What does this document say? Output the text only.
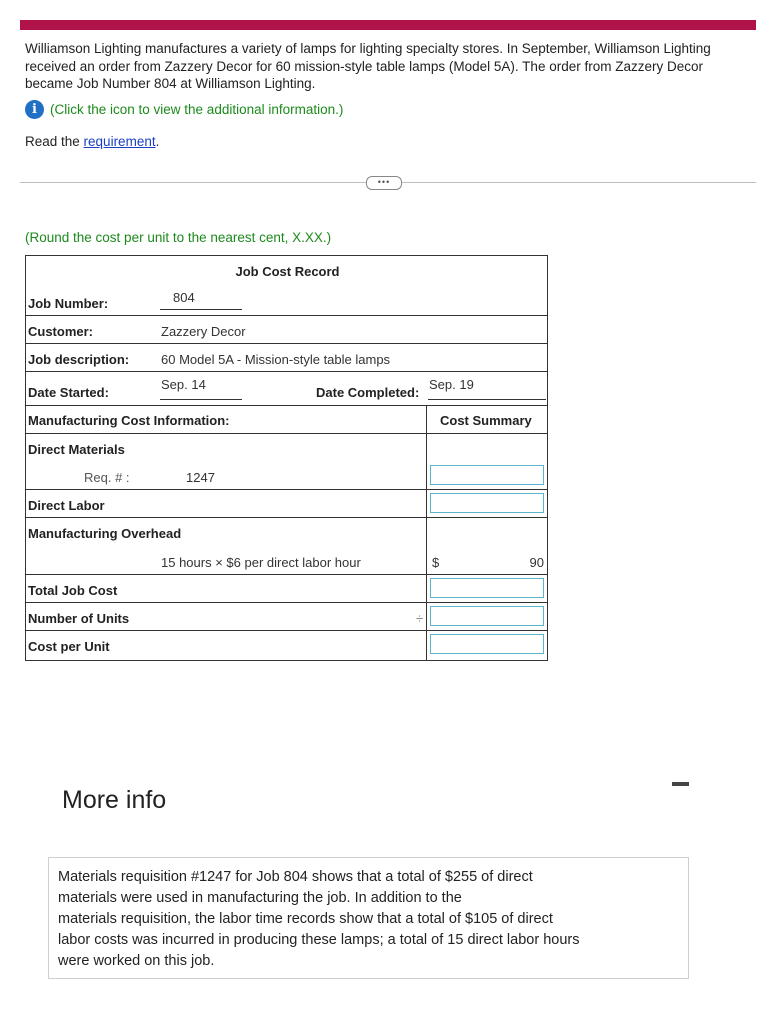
Williamson Lighting manufactures a variety of lamps for lighting specialty stores. In September, Williamson Lighting

received an order from Zazzery Decor for 60 mission-style table lamps (Model 5A). The order from Zazzery Decor

became Job Number 804 at Williamson Lighting.

i (Click the icon to view the additional information.)
Read the requirement.
•••
(Round the cost per unit to the nearest cent, X.XX.)
Job Cost Record
Job Number:	804
Customer:	Zazzery Decor
Job description: 60 Model 5A - Mission-style table lamps
Date Started:
Sep. 14
Date Completed:
Sep. 19
Manufacturing Cost Information:	Cost Summary
Direct Materials
Req. # :	1247
Direct Labor
Manufacturing Overhead
15 hours × $6 per direct labor hour	$	90
Total Job Cost
Number of Units	÷
Cost per Unit
More info

Materials requisition #1247 for Job 804 shows that a total of $255 of direct

materials were used in manufacturing the job. In addition to the

materials requisition, the labor time records show that a total of $105 of direct

labor costs was incurred in producing these lamps; a total of 15 direct labor hours

were worked on this job.
